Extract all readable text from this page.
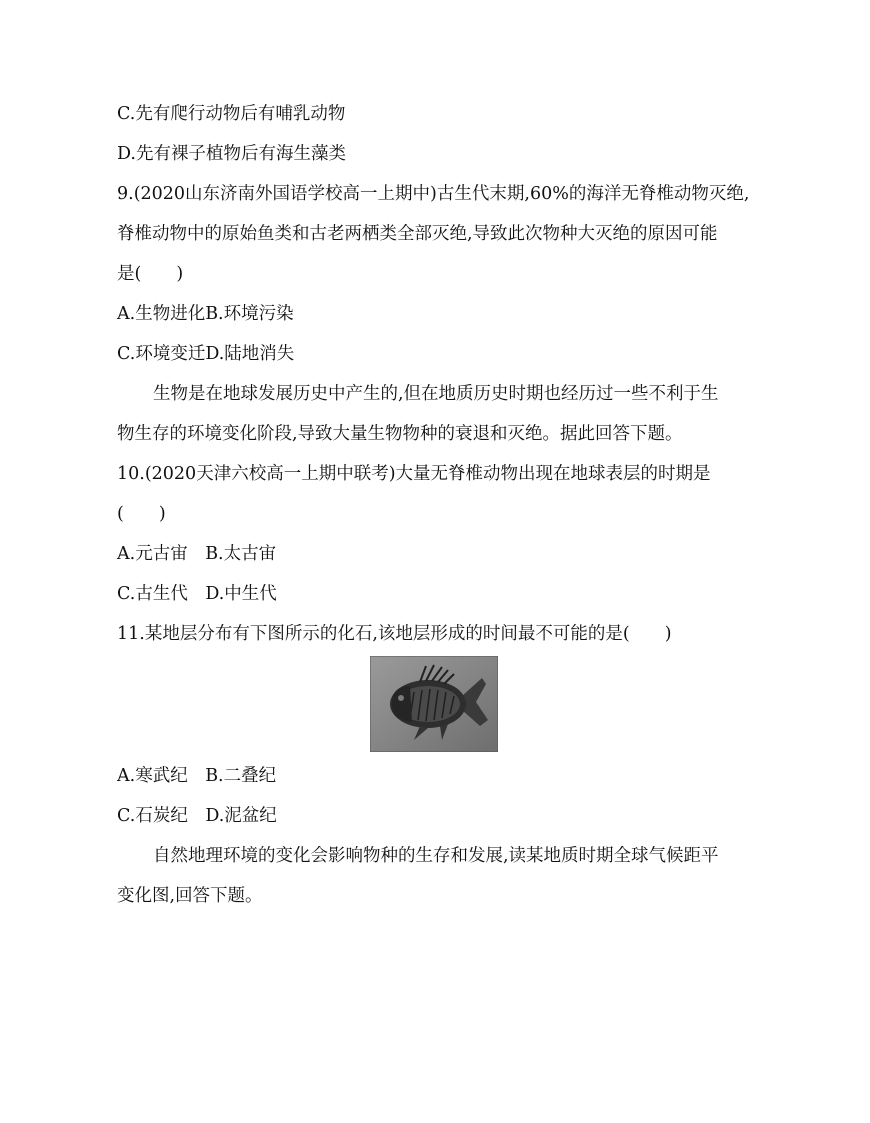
C.先有爬行动物后有哺乳动物
D.先有裸子植物后有海生藻类
9.(2020山东济南外国语学校高一上期中)古生代末期,60%的海洋无脊椎动物灭绝,
脊椎动物中的原始鱼类和古老两栖类全部灭绝,导致此次物种大灭绝的原因可能
是(　　)
A.生物进化B.环境污染
C.环境变迁D.陆地消失
生物是在地球发展历史中产生的,但在地质历史时期也经历过一些不利于生
物生存的环境变化阶段,导致大量生物物种的衰退和灭绝。据此回答下题。
10.(2020天津六校高一上期中联考)大量无脊椎动物出现在地球表层的时期是
(　　)
A.元古宙　B.太古宙
C.古生代　D.中生代
11.某地层分布有下图所示的化石,该地层形成的时间最不可能的是(　　)
A.寒武纪　B.二叠纪
C.石炭纪　D.泥盆纪
自然地理环境的变化会影响物种的生存和发展,读某地质时期全球气候距平
变化图,回答下题。
